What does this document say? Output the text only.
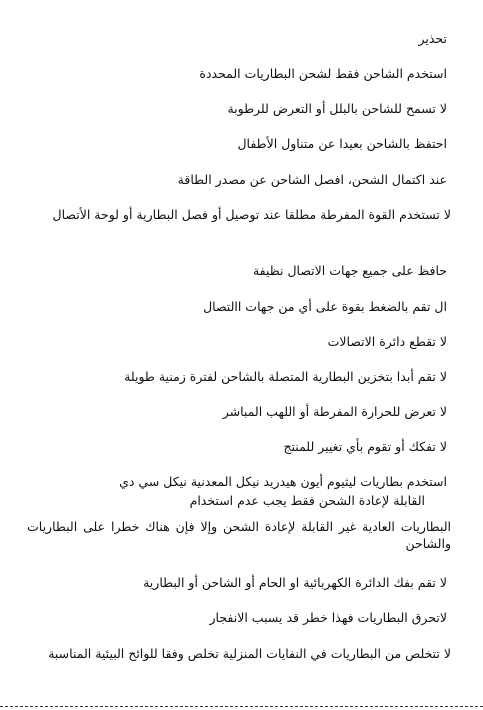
تحذير
استخدم الشاحن فقط لشحن البطاريات المحددة
لا تسمح للشاحن بالبلل أو التعرض للرطوبة
احتفظ بالشاحن بعيدا عن متناول الأطفال
عند اكتمال الشحن، افصل الشاحن عن مصدر الطاقة
لا تستخدم القوة المفرطة مطلقا عند توصيل أو فصل البطارية أو لوحة الأتصال
حافظ على جميع جهات الاتصال نظيفة
ال تقم بالضغط بقوة على أي من جهات االتصال
لا تقطع دائرة الاتصالات
لا تقم أبدا بتخزين البطارية المتصلة بالشاحن لفترة زمنية طويلة
لا تعرض للحرارة المفرطة أو اللهب المباشر
لا تفكك أو تقوم بأي تغيير للمنتج
استخدم بطاريات ليثيوم أيون هيدريد نيكل المعدنية نيكل سي دي
القابلة لإعادة الشحن فقط يجب عدم استخدام
البطاريات العادية غير القابلة لإعادة الشحن وإلا فإن هناك خطرا على البطاريات والشاحن
لا تقم بفك الدائرة الكهربائية او الحام أو الشاحن أو البطارية
لاتحرق البطاريات فهذا خطر قد يسبب الانفجار
لا تتخلص من البطاريات في النفايات المنزلية تخلص وفقا للوائح البيئية المناسبة
